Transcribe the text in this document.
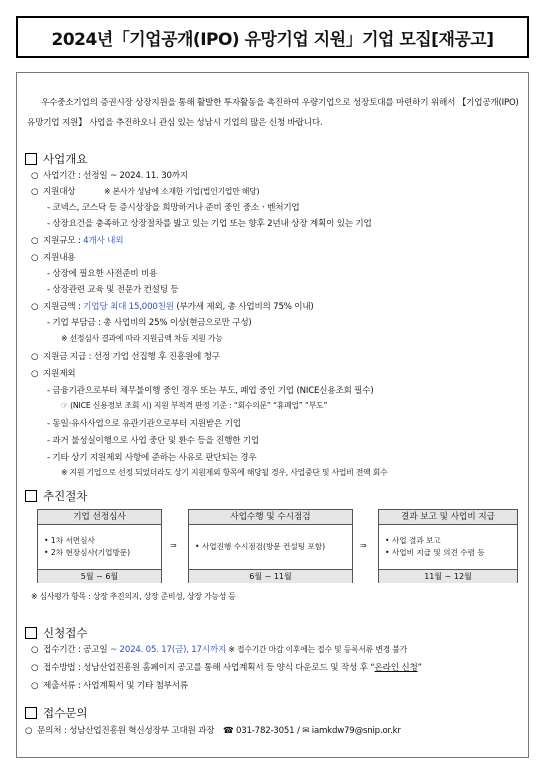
2024년「기업공개(IPO) 유망기업 지원」기업 모집[재공고]
우수중소기업의 증권시장 상장지원을 통해 활발한 투자활동을 촉진하여 우량기업으로 성장토대를 마련하기 위해서 【기업공개(IPO) 유망기업 지원】 사업을 추진하오니 관심 있는 성남시 기업의 많은 신청 바랍니다.
사업개요
○ 사업기간 : 선정일 ~ 2024. 11. 30까지
○ 지원대상	※ 본사가 성남에 소재한 기업(법인기업만 해당)
- 코넥스, 코스닥 등 증시상장을 희망하거나 준비 중인 중소ㆍ벤처기업
- 상장요건을 충족하고 상장절차를 밟고 있는 기업 또는 향후 2년내 상장 계획이 있는 기업
○ 지원규모 : 4개사 내외
○ 지원내용
- 상장에 필요한 사전준비 비용
- 상장관련 교육 및 전문가 컨설팅 등
○ 지원금액 : 기업당 최대 15,000천원 (부가세 제외, 총 사업비의 75% 이내)
- 기업 부담금 : 총 사업비의 25% 이상(현금으로만 구성)
※ 선정심사 결과에 따라 지원금액 차등 지원 가능
○ 지원금 지급 : 선정 기업 선집행 후 진흥원에 청구
○ 지원제외
- 금융기관으로부터 채무불이행 중인 경우 또는 부도, 폐업 중인 기업 (NICE신용조회 필수)
☞ (NICE 신용정보 조회 시) 지원 부적격 판정 기준 : “회수의문” “휴폐업” “부도”
- 동일·유사사업으로 유관기관으로부터 지원받은 기업
- 과거 불성실이행으로 사업 중단 및 환수 등을 진행한 기업
- 기타 상기 지원제외 사항에 준하는 사유로 판단되는 경우
※ 지원 기업으로 선정 되었더라도 상기 지원제외 항목에 해당될 경우, 사업중단 및 사업비 전액 회수
추진절차
기업 선정심사
• 1차 서면심사
• 2차 현장심사(기업방문)
5월 ~ 6월
⇒
사업수행 및 수시점검
• 사업진행 수시점검(방문 컨설팅 포함)
6월 ~ 11월
⇒
결과 보고 및 사업비 지급
• 사업 결과 보고
• 사업비 지급 및 의견 수렴 등
11월 ~ 12월
※ 심사평가 항목 : 상장 추진의지, 상장 준비성, 상장 가능성 등
신청접수
○ 접수기간 : 공고일 ~ 2024. 05. 17(금), 17시까지 ※ 접수기간 마감 이후에는 접수 및 등록서류 변경 불가
○ 접수방법 : 성남산업진흥원 홈페이지 공고를 통해 사업계획서 등 양식 다운로드 및 작성 후 “온라인 신청”
○ 제출서류 : 사업계획서 및 기타 첨부서류
접수문의
○ 문의처 : 성남산업진흥원 혁신성장부 고대원 과장 ☎ 031-782-3051 / ✉ iamkdw79@snip.or.kr
